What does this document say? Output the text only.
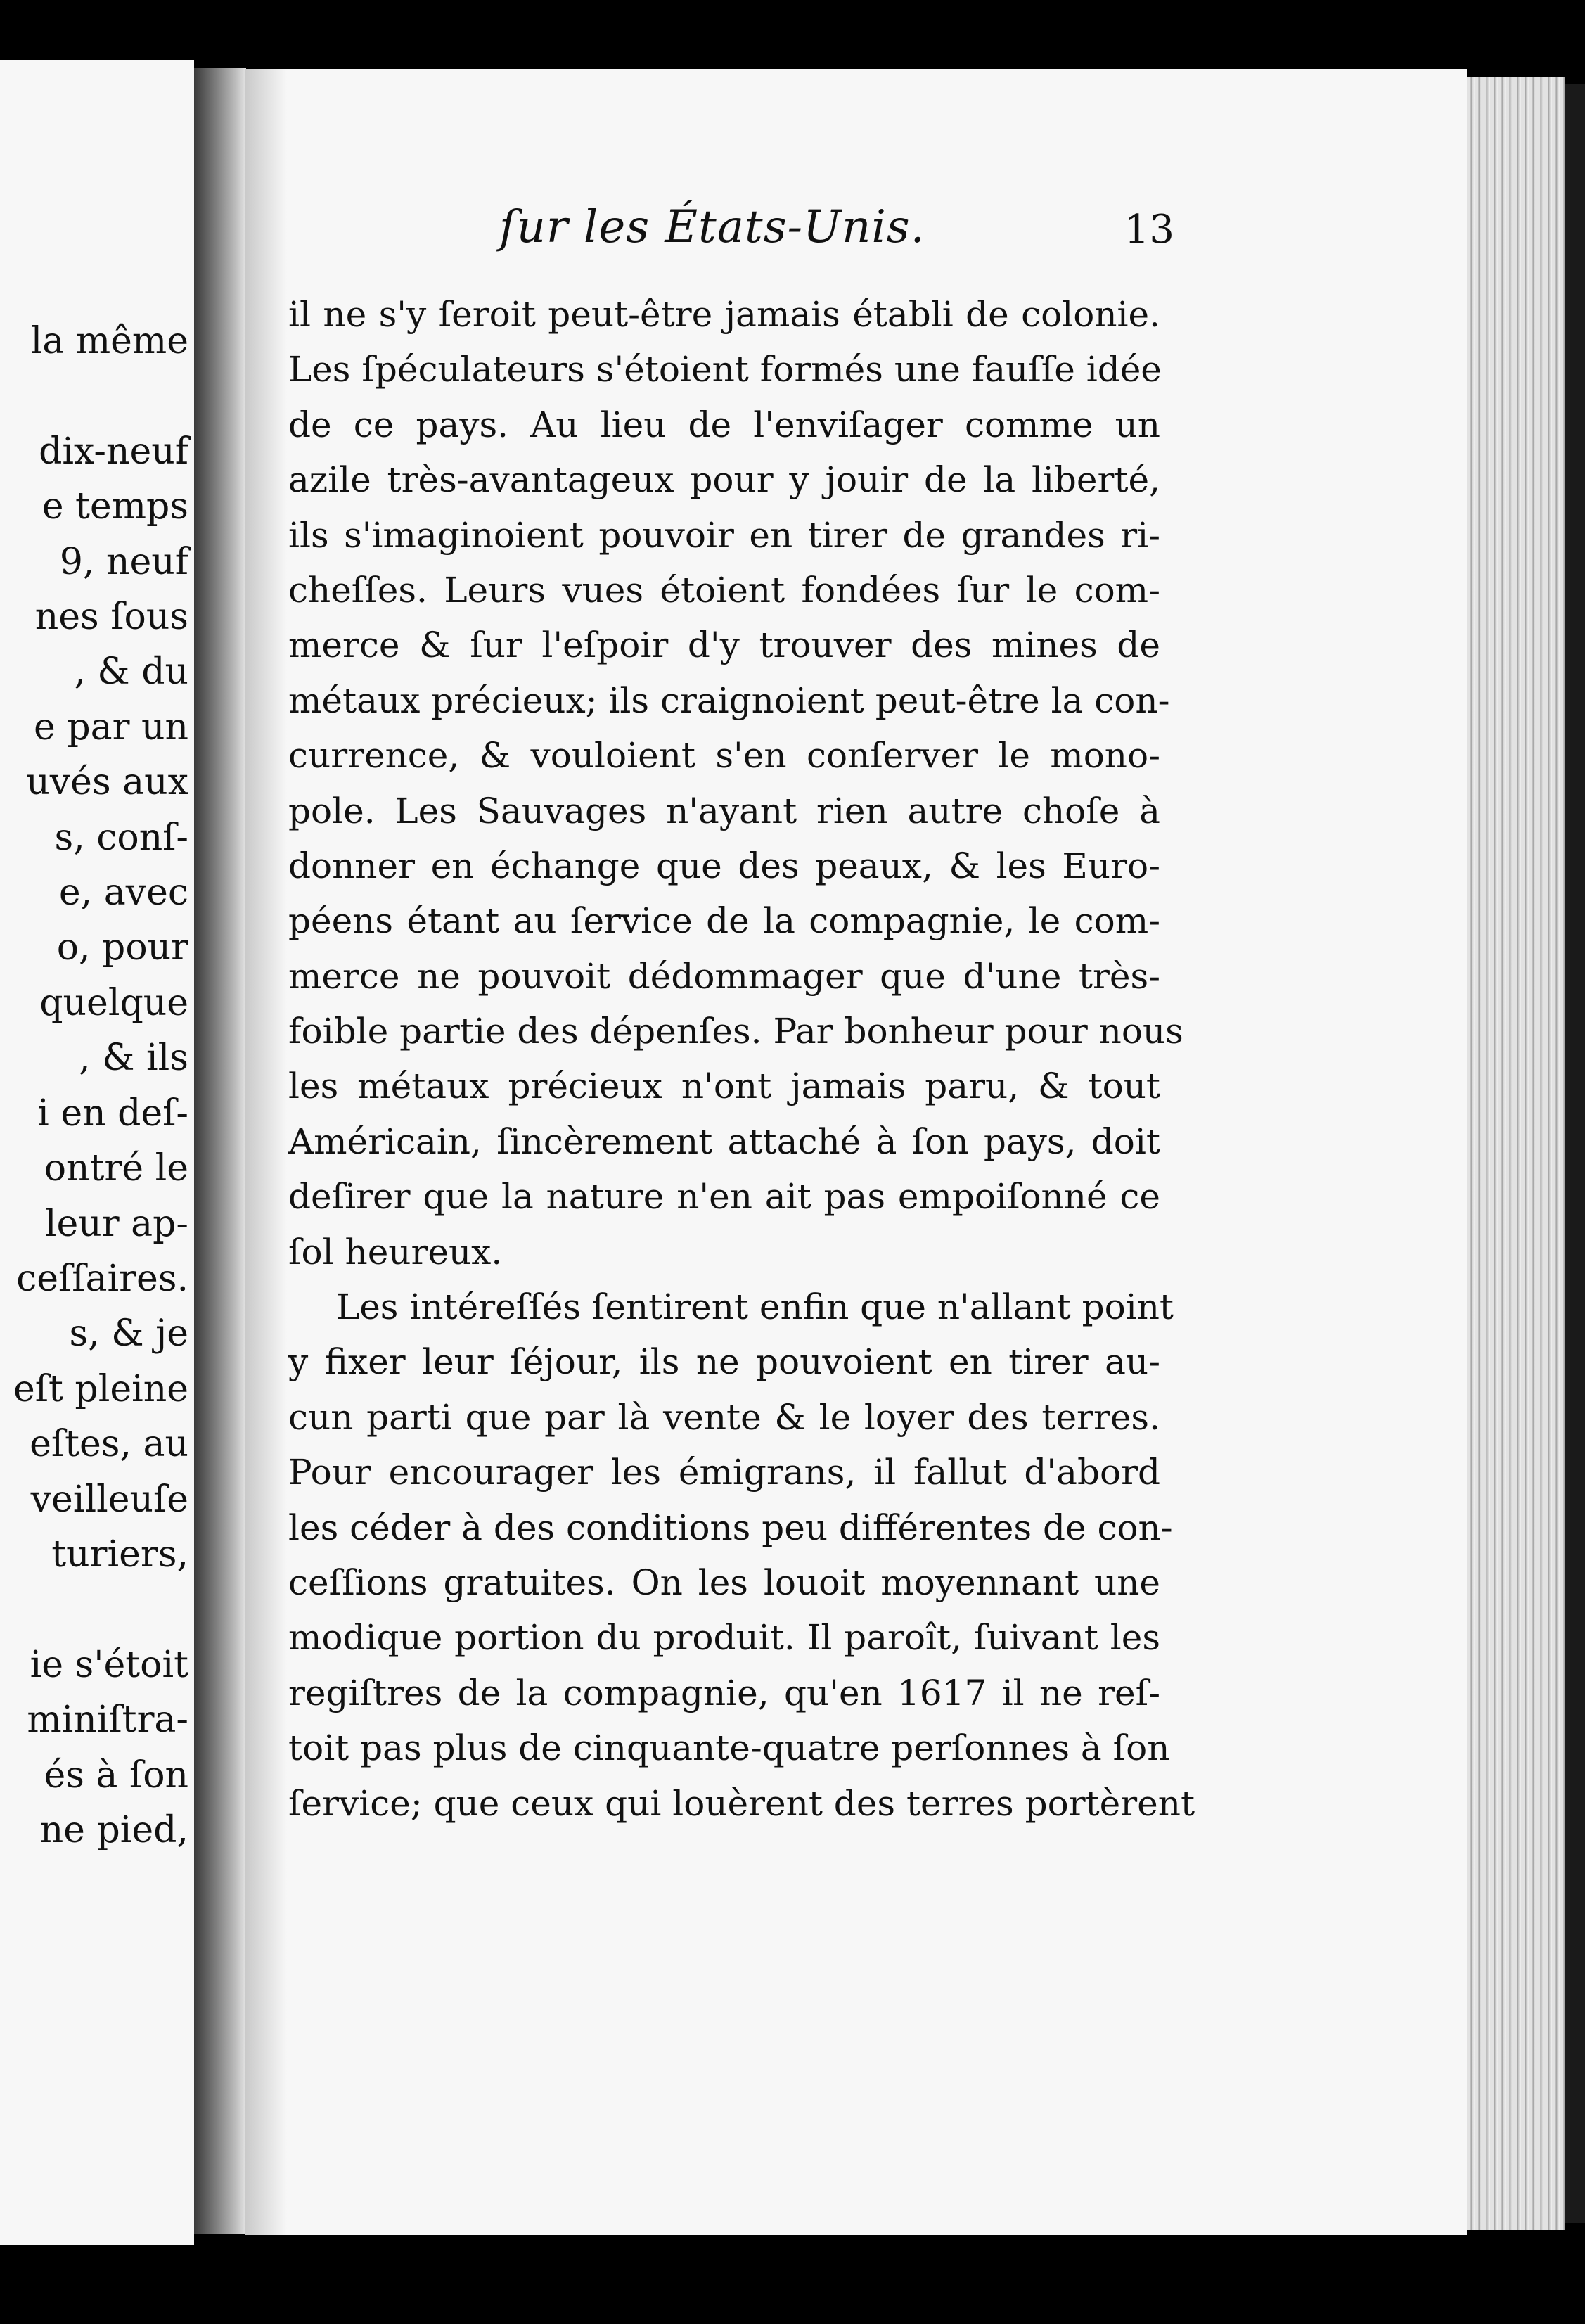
la même

dix-neuf
e temps
9, neuf
nes ſous
, & du
e par un
uvés aux
s, conſ-
e, avec
o, pour
quelque
, & ils
i en deſ-
ontré le
leur ap-
ceſſaires.
s, & je
eſt pleine
eſtes, au
veilleuſe
turiers,

ie s'étoit
miniſtra-
és à ſon
ne pied,
ſur les États-Unis.	13
il ne s'y ſeroit peut-être jamais établi de colonie.
Les ſpéculateurs s'étoient formés une fauſſe idée
de ce pays. Au lieu de l'enviſager comme un
azile très-avantageux pour y jouir de la liberté,
ils s'imaginoient pouvoir en tirer de grandes ri-
cheſſes. Leurs vues étoient fondées ſur le com-
merce & ſur l'eſpoir d'y trouver des mines de
métaux précieux; ils craignoient peut-être la con-
currence, & vouloient s'en conſerver le mono-
pole. Les Sauvages n'ayant rien autre choſe à
donner en échange que des peaux, & les Euro-
péens étant au ſervice de la compagnie, le com-
merce ne pouvoit dédommager que d'une très-
foible partie des dépenſes. Par bonheur pour nous
les métaux précieux n'ont jamais paru, & tout
Américain, ſincèrement attaché à ſon pays, doit
deſirer que la nature n'en ait pas empoiſonné ce
ſol heureux.
Les intéreſſés ſentirent enfin que n'allant point
y fixer leur ſéjour, ils ne pouvoient en tirer au-
cun parti que par là vente & le loyer des terres.
Pour encourager les émigrans, il fallut d'abord
les céder à des conditions peu différentes de con-
ceſſions gratuites. On les louoit moyennant une
modique portion du produit. Il paroît, ſuivant les
regiſtres de la compagnie, qu'en 1617 il ne reſ-
toit pas plus de cinquante-quatre perſonnes à ſon
ſervice; que ceux qui louèrent des terres portèrent
